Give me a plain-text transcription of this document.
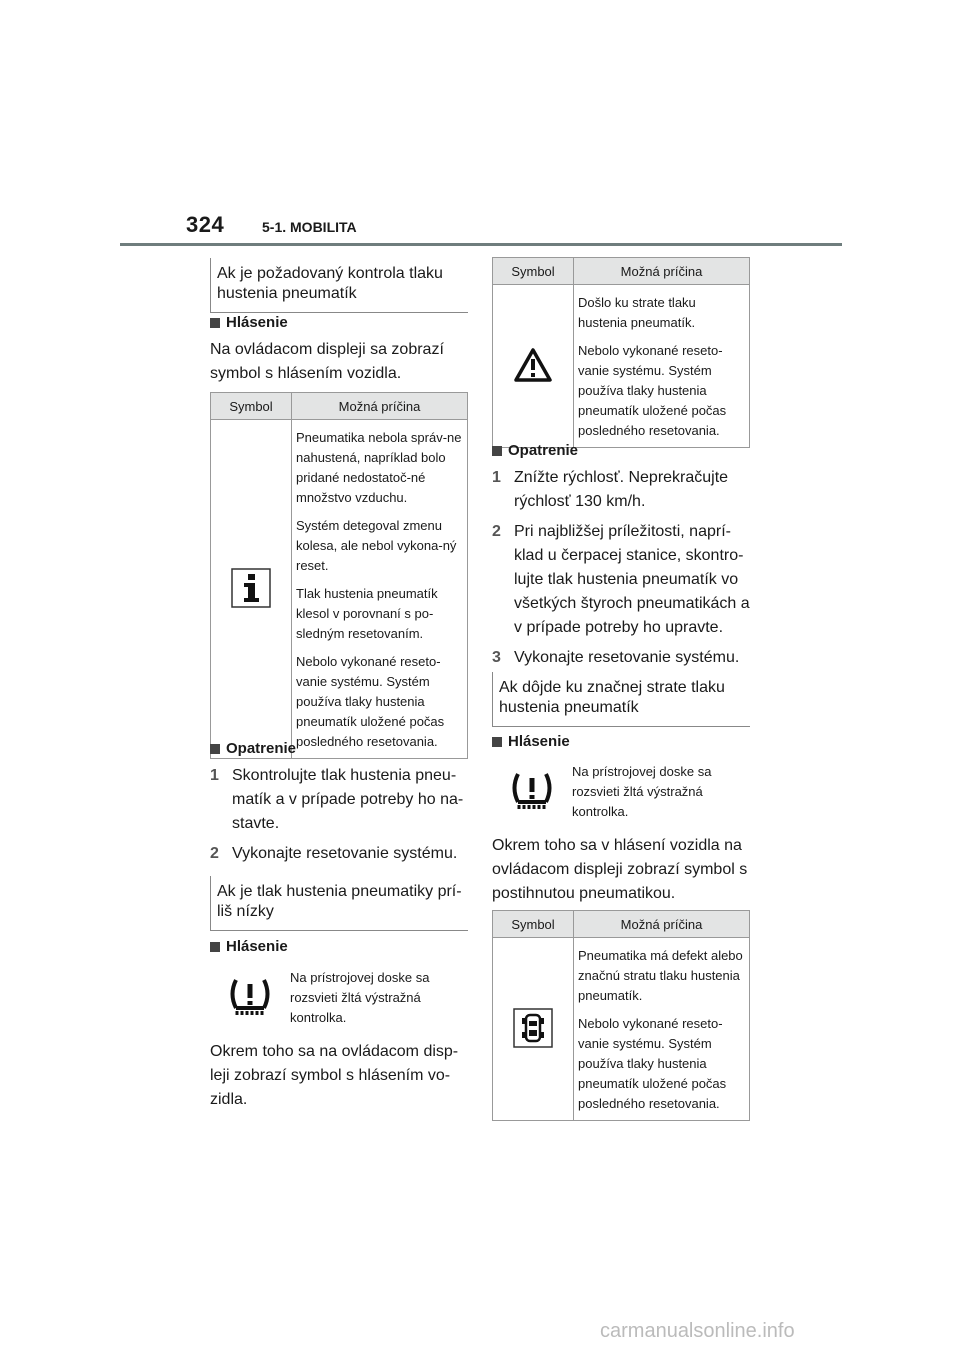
324	5-1. MOBILITA
Ak je požadovaný kontrola tlaku hustenia pneumatík
Hlásenie
Na ovládacom displeji sa zobrazí symbol s hlásením vozidla.
Symbol	Možná príčina

Pneumatika nebola správ-ne nahustená, napríklad bolo pridané nedostatoč-né množstvo vzduchu.

Systém detegoval zmenu kolesa, ale nebol vykona-ný reset.

Tlak hustenia pneumatík klesol v porovnaní s po-sledným resetovaním.

Nebolo vykonané reseto-vanie systému. Systém používa tlaky hustenia pneumatík uložené počas posledného resetovania.

Opatrenie
1 Skontrolujte tlak hustenia pneu-matík a v prípade potreby ho na-stavte.
2 Vykonajte resetovanie systému.
Ak je tlak hustenia pneumatiky prí-liš nízky
Hlásenie
Na prístrojovej doske sa rozsvieti žltá výstražná kontrolka.
Okrem toho sa na ovládacom disp-leji zobrazí symbol s hlásením vo-zidla.
Symbol	Možná príčina

Došlo ku strate tlaku hustenia pneumatík.

Nebolo vykonané reseto-vanie systému. Systém používa tlaky hustenia pneumatík uložené počas posledného resetovania.

Opatrenie
1 Znížte rýchlosť. Neprekračujte rýchlosť 130 km/h.
2 Pri najbližšej príležitosti, naprí-klad u čerpacej stanice, skontro-lujte tlak hustenia pneumatík vo všetkých štyroch pneumatikách a v prípade potreby ho upravte.
3 Vykonajte resetovanie systému.
Ak dôjde ku značnej strate tlaku hustenia pneumatík
Hlásenie
Na prístrojovej doske sa rozsvieti žltá výstražná kontrolka.
Okrem toho sa v hlásení vozidla na ovládacom displeji zobrazí symbol s postihnutou pneumatikou.
Symbol	Možná príčina

Pneumatika má defekt alebo značnú stratu tlaku hustenia pneumatík.

Nebolo vykonané reseto-vanie systému. Systém používa tlaky hustenia pneumatík uložené počas posledného resetovania.

carmanualsonline.info
